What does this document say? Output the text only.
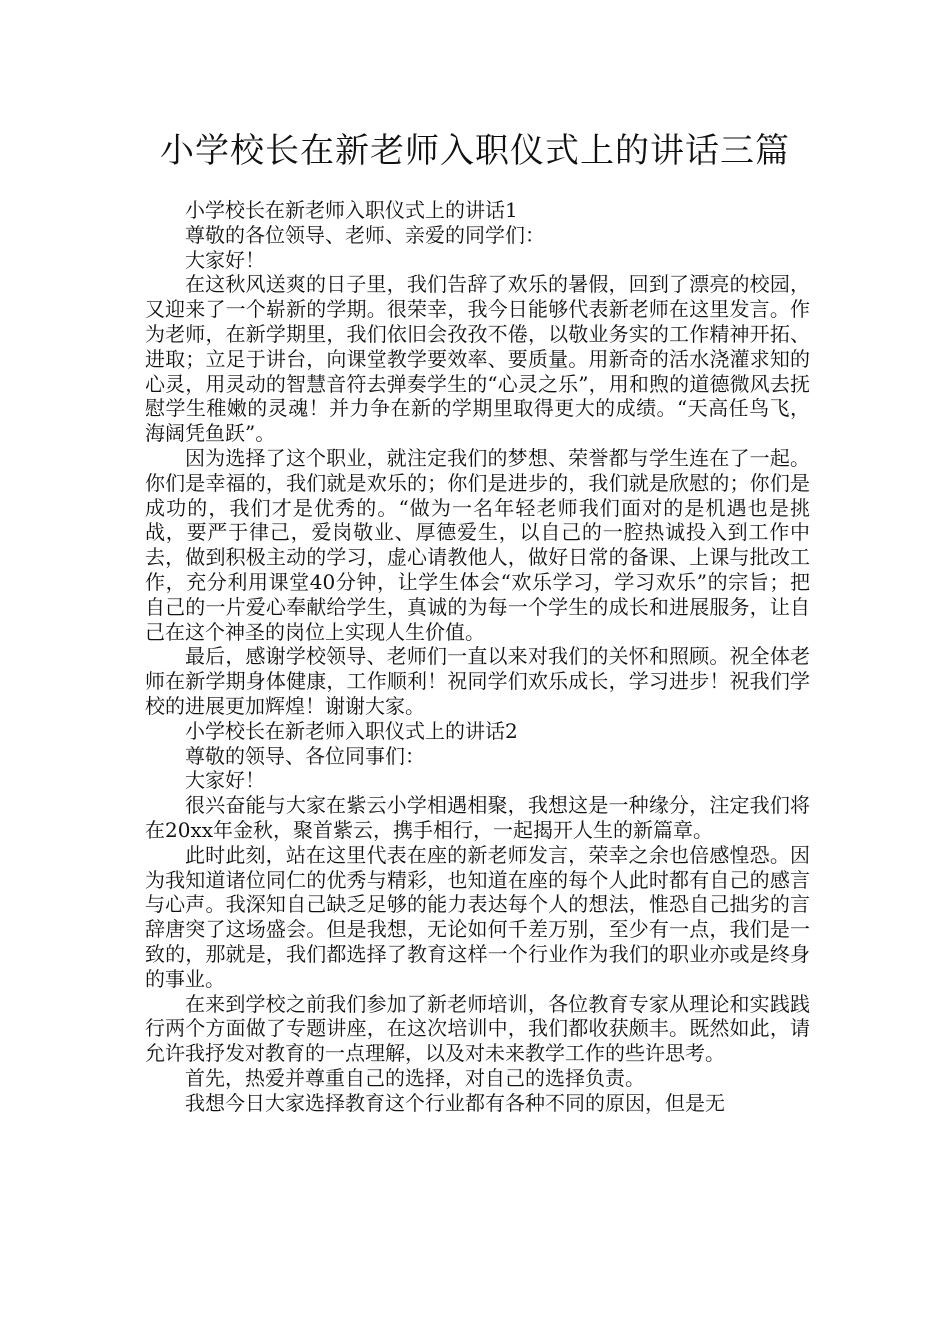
小学校长在新老师入职仪式上的讲话三篇

小学校长在新老师入职仪式上的讲话1

尊敬的各位领导、老师、亲爱的同学们：

大家好！

在这秋风送爽的日子里，我们告辞了欢乐的暑假，回到了漂亮的校园，又迎来了一个崭新的学期。很荣幸，我今日能够代表新老师在这里发言。作为老师，在新学期里，我们依旧会孜孜不倦，以敬业务实的工作精神开拓、进取；立足于讲台，向课堂教学要效率、要质量。用新奇的活水浇灌求知的心灵，用灵动的智慧音符去弹奏学生的“心灵之乐”，用和煦的道德微风去抚慰学生稚嫩的灵魂！并力争在新的学期里取得更大的成绩。“天高任鸟飞，海阔凭鱼跃”。

因为选择了这个职业，就注定我们的梦想、荣誉都与学生连在了一起。你们是幸福的，我们就是欢乐的；你们是进步的，我们就是欣慰的；你们是成功的，我们才是优秀的。“做为一名年轻老师我们面对的是机遇也是挑战，要严于律己，爱岗敬业、厚德爱生，以自己的一腔热诚投入到工作中去，做到积极主动的学习，虚心请教他人，做好日常的备课、上课与批改工作，充分利用课堂40分钟，让学生体会“欢乐学习，学习欢乐”的宗旨；把自己的一片爱心奉献给学生，真诚的为每一个学生的成长和进展服务，让自己在这个神圣的岗位上实现人生价值。

最后，感谢学校领导、老师们一直以来对我们的关怀和照顾。祝全体老师在新学期身体健康，工作顺利！祝同学们欢乐成长，学习进步！祝我们学校的进展更加辉煌！谢谢大家。

小学校长在新老师入职仪式上的讲话2

尊敬的领导、各位同事们：

大家好！

很兴奋能与大家在紫云小学相遇相聚，我想这是一种缘分，注定我们将在20xx年金秋，聚首紫云，携手相行，一起揭开人生的新篇章。

此时此刻，站在这里代表在座的新老师发言，荣幸之余也倍感惶恐。因为我知道诸位同仁的优秀与精彩，也知道在座的每个人此时都有自己的感言与心声。我深知自己缺乏足够的能力表达每个人的想法，惟恐自己拙劣的言辞唐突了这场盛会。但是我想，无论如何千差万别，至少有一点，我们是一致的，那就是，我们都选择了教育这样一个行业作为我们的职业亦或是终身的事业。

在来到学校之前我们参加了新老师培训，各位教育专家从理论和实践践行两个方面做了专题讲座，在这次培训中，我们都收获颇丰。既然如此，请允许我抒发对教育的一点理解，以及对未来教学工作的些许思考。

首先，热爱并尊重自己的选择，对自己的选择负责。

我想今日大家选择教育这个行业都有各种不同的原因，但是无
